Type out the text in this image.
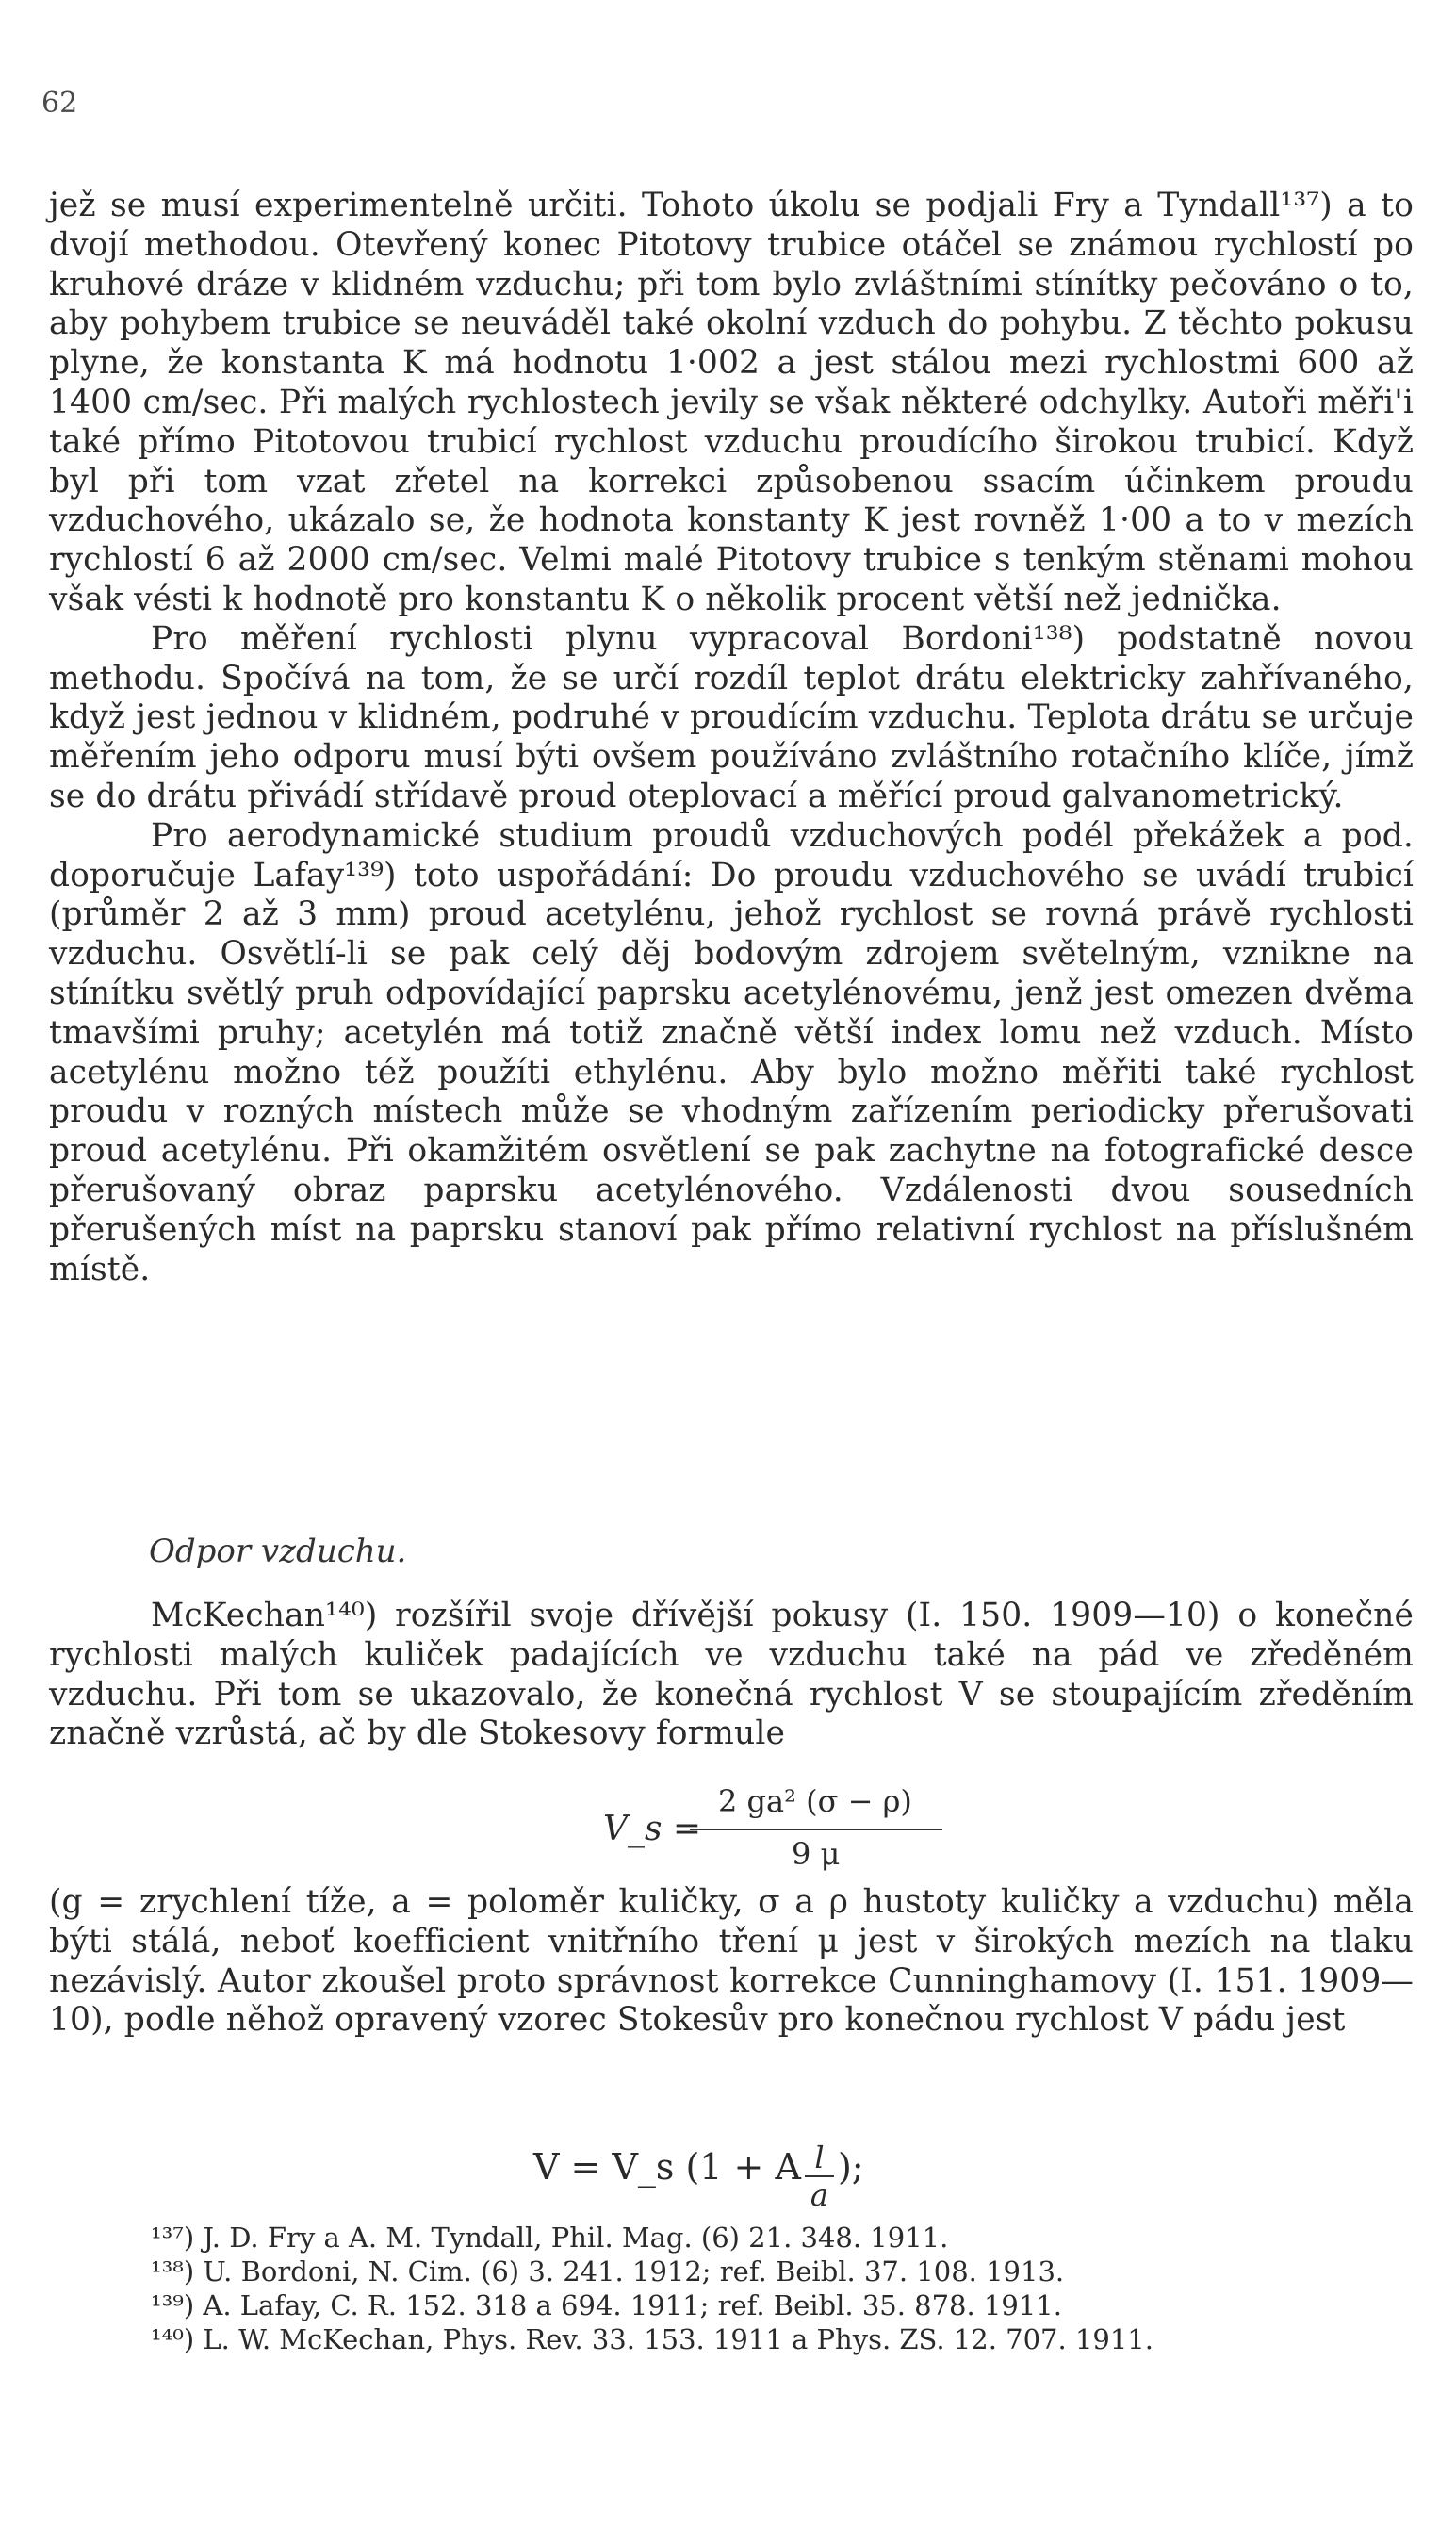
62

jež se musí experimentelně určiti. Tohoto úkolu se podjali Fry a Tyndall¹³⁷) a to dvojí methodou. Otevřený konec Pitotovy trubice otáčel se známou rychlostí po kruhové dráze v klidném vzduchu; při tom bylo zvláštními stínítky pečováno o to, aby pohybem trubice se neuváděl také okolní vzduch do pohybu. Z těchto pokusu plyne, že konstanta K má hodnotu 1·002 a jest stálou mezi rychlostmi 600 až 1400 cm/sec. Při malých rychlostech jevily se však některé odchylky. Autoři měři'i také přímo Pitotovou trubicí rychlost vzduchu proudícího širokou trubicí. Když byl při tom vzat zřetel na korrekci způsobenou ssacím účinkem proudu vzduchového, ukázalo se, že hodnota konstanty K jest rovněž 1·00 a to v mezích rychlostí 6 až 2000 cm/sec. Velmi malé Pitotovy trubice s tenkým stěnami mohou však vésti k hodnotě pro konstantu K o několik procent větší než jednička.

Pro měření rychlosti plynu vypracoval Bordoni¹³⁸) podstatně novou methodu. Spočívá na tom, že se určí rozdíl teplot drátu elektricky zahřívaného, když jest jednou v klidném, podruhé v proudícím vzduchu. Teplota drátu se určuje měřením jeho odporu musí býti ovšem používáno zvláštního rotačního klíče, jímž se do drátu přivádí střídavě proud oteplovací a měřící proud galvanometrický.

Pro aerodynamické studium proudů vzduchových podél překážek a pod. doporučuje Lafay¹³⁹) toto uspořádání: Do proudu vzduchového se uvádí trubicí (průměr 2 až 3 mm) proud acetylénu, jehož rychlost se rovná právě rychlosti vzduchu. Osvětlí-li se pak celý děj bodovým zdrojem světelným, vznikne na stínítku světlý pruh odpovídající paprsku acetylénovému, jenž jest omezen dvěma tmavšími pruhy; acetylén má totiž značně větší index lomu než vzduch. Místo acetylénu možno též použíti ethylénu. Aby bylo možno měřiti také rychlost proudu v rozných místech může se vhodným zařízením periodicky přerušovati proud acetylénu. Při okamžitém osvětlení se pak zachytne na fotografické desce přerušovaný obraz paprsku acetylénového. Vzdálenosti dvou sousedních přerušených míst na paprsku stanoví pak přímo relativní rychlost na příslušném místě.

Odpor vzduchu.

McKechan¹⁴⁰) rozšířil svoje dřívější pokusy (I. 150. 1909—10) o konečné rychlosti malých kuliček padajících ve vzduchu také na pád ve zředěném vzduchu. Při tom se ukazovalo, že konečná rychlost V se stoupajícím zředěním značně vzrůstá, ač by dle Stokesovy formule

V_s =
2 ga² (σ − ρ)
9 μ

(g = zrychlení tíže, a = poloměr kuličky, σ a ρ hustoty kuličky a vzduchu) měla býti stálá, neboť koefficient vnitřního tření μ jest v širokých mezích na tlaku nezávislý. Autor zkoušel proto správnost korrekce Cunninghamovy (I. 151. 1909—10), podle něhož opravený vzorec Stokesův pro konečnou rychlost V pádu jest

V = V_s (1 + A $\frac{l}{a}$ );

¹³⁷) J. D. Fry a A. M. Tyndall, Phil. Mag. (6) 21. 348. 1911.

¹³⁸) U. Bordoni, N. Cim. (6) 3. 241. 1912; ref. Beibl. 37. 108. 1913.

¹³⁹) A. Lafay, C. R. 152. 318 a 694. 1911; ref. Beibl. 35. 878. 1911.

¹⁴⁰) L. W. McKechan, Phys. Rev. 33. 153. 1911 a Phys. ZS. 12. 707. 1911.
